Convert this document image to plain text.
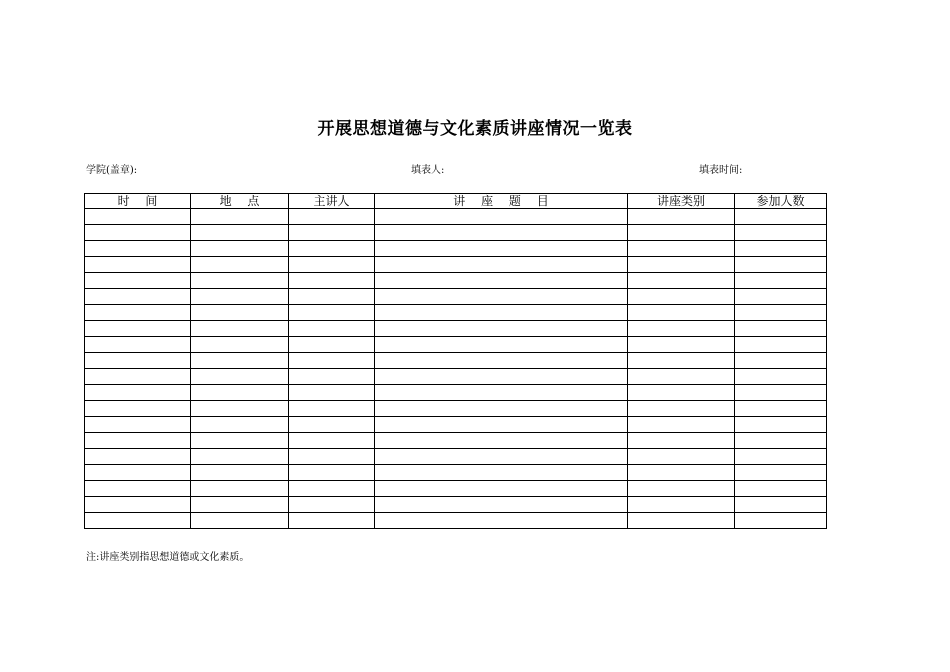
开展思想道德与文化素质讲座情况一览表
学院(盖章):	填表人:	填表时间:
时　 间	地　 点	主讲人	讲　 座　 题　 目	讲座类别	参加人数

注:讲座类别指思想道德或文化素质。
